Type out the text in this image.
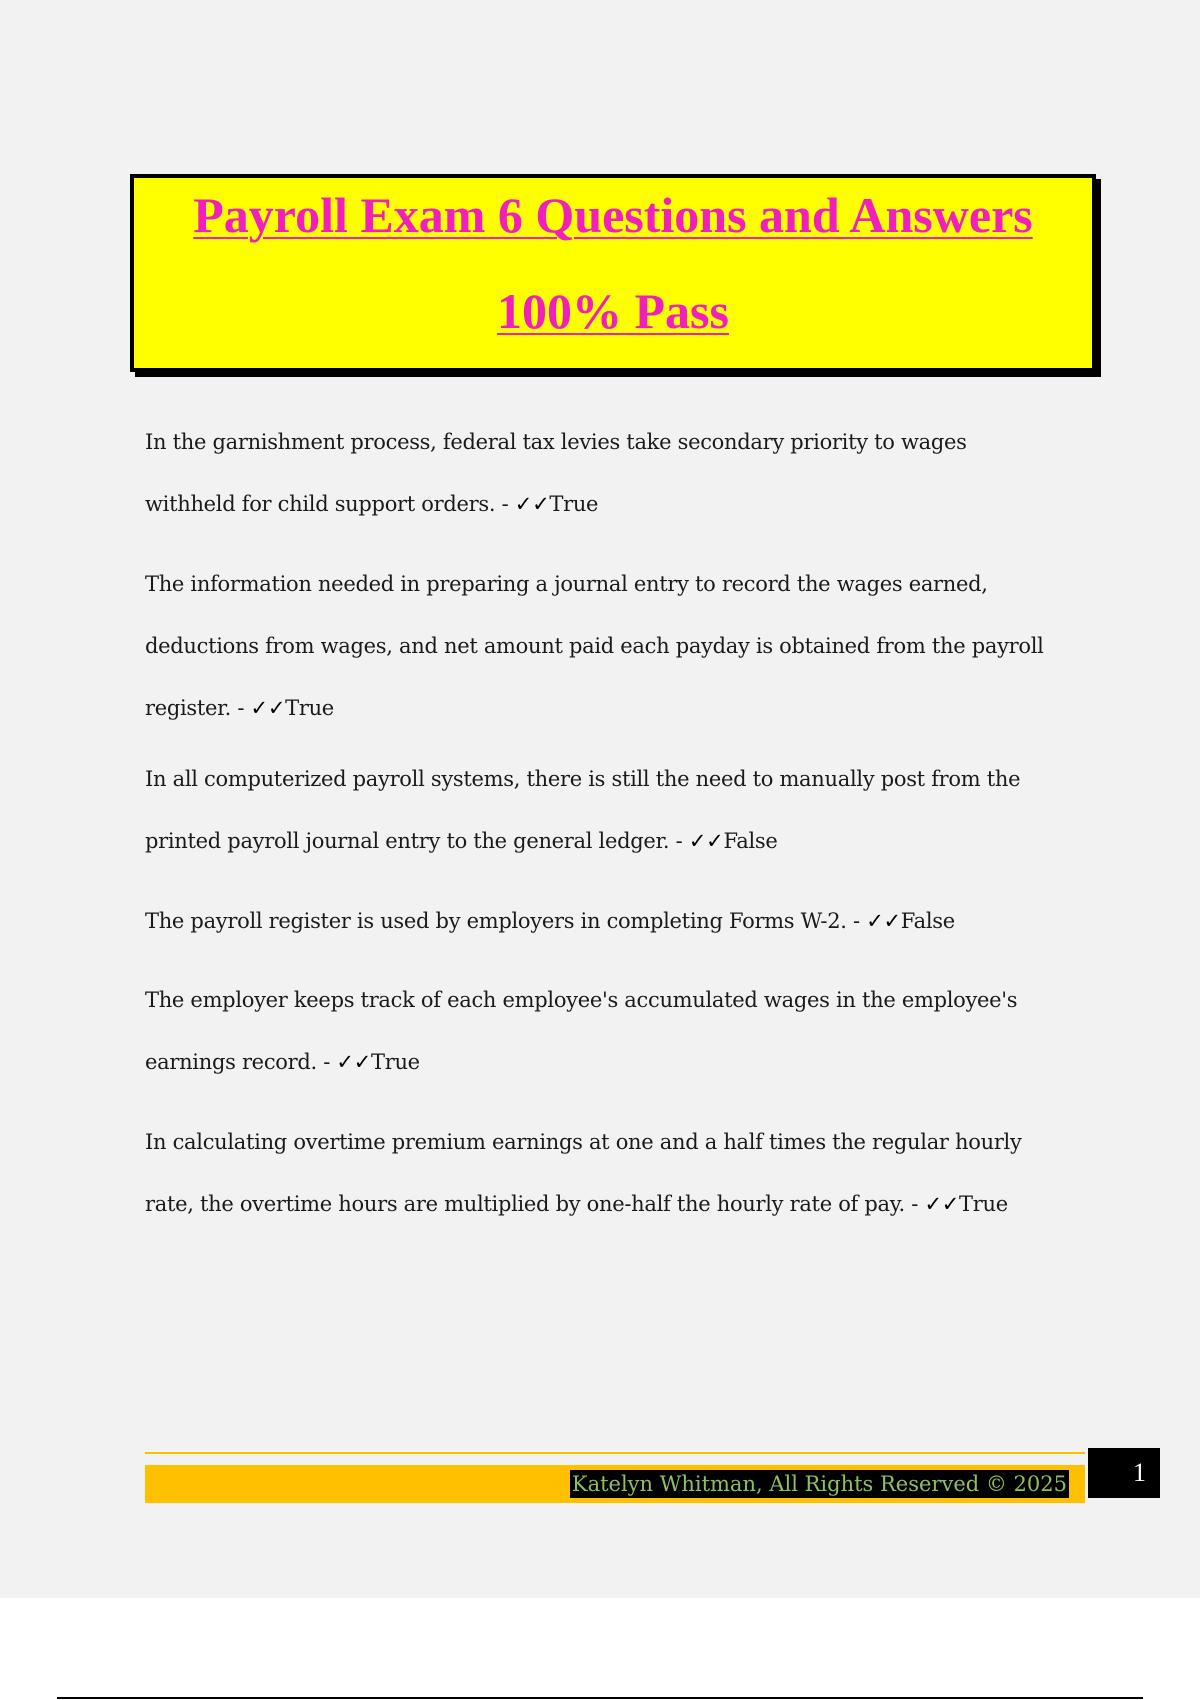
Payroll Exam 6 Questions and Answers
100% Pass

In the garnishment process, federal tax levies take secondary priority to wages
withheld for child support orders. - ✓✓True

The information needed in preparing a journal entry to record the wages earned,
deductions from wages, and net amount paid each payday is obtained from the payroll
register. - ✓✓True

In all computerized payroll systems, there is still the need to manually post from the
printed payroll journal entry to the general ledger. - ✓✓False

The payroll register is used by employers in completing Forms W-2. - ✓✓False

The employer keeps track of each employee's accumulated wages in the employee's
earnings record. - ✓✓True

In calculating overtime premium earnings at one and a half times the regular hourly
rate, the overtime hours are multiplied by one-half the hourly rate of pay. - ✓✓True

Katelyn Whitman, All Rights Reserved © 2025	1
